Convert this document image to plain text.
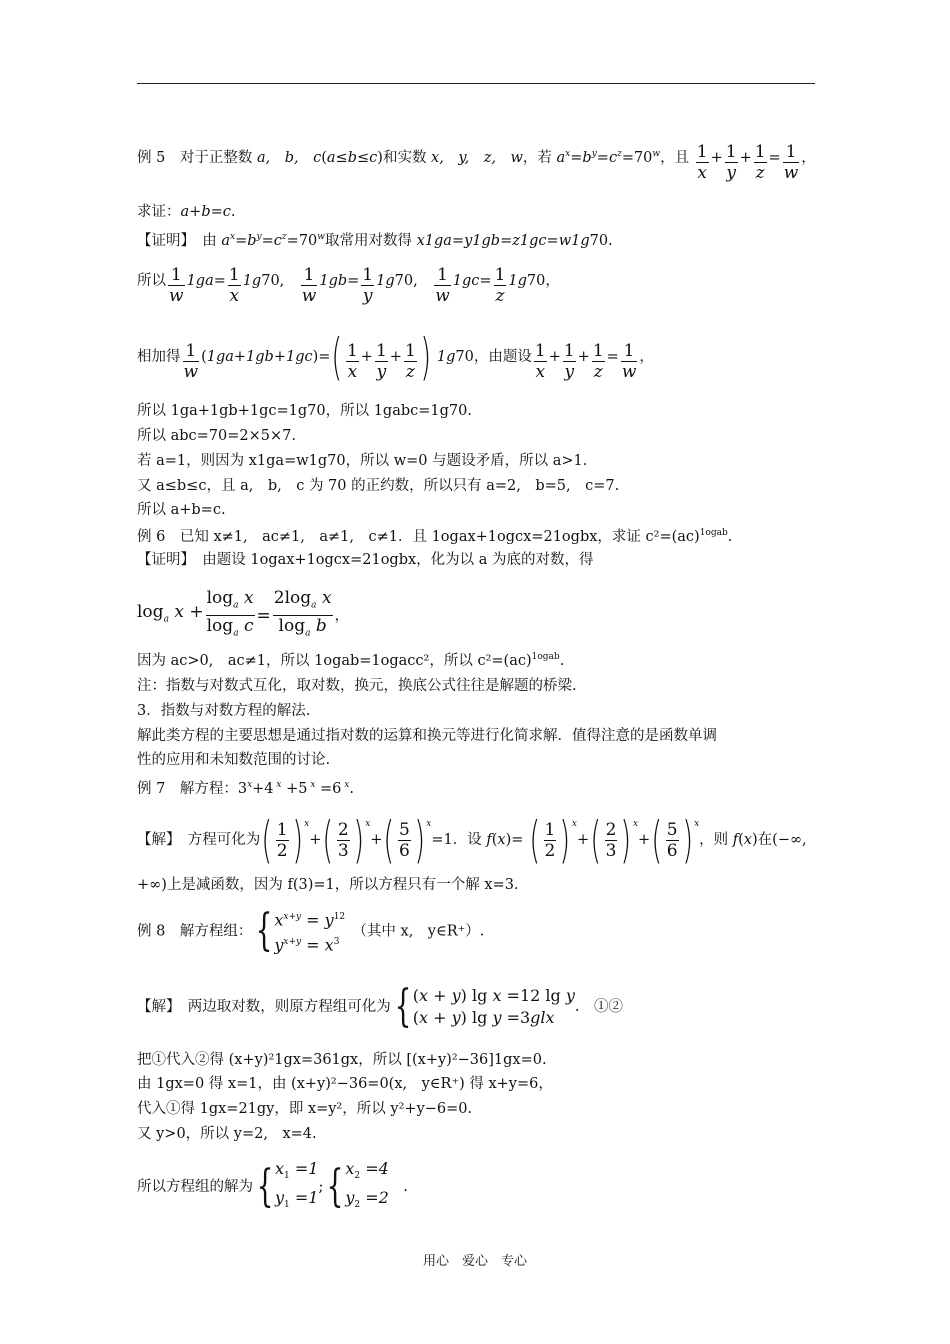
例 5　对于正整数 a,　b,　c(a≤b≤c)和实数 x,　y,　z,　w，若 $a^x=b^y=c^z=70^w$，且 $\frac{1}{x} + \frac{1}{y} + \frac{1}{z} = \frac{1}{w}$ ，
求证：a+b=c.
【证明】　由 $a^x=b^y=c^z=70^w$取常用对数得 x1ga=y1gb=z1gc=w1g70.
所以 $\frac{1}{w} 1ga= \frac{1}{x} 1g70$,　 $\frac{1}{w} 1gb= \frac{1}{y} 1g70$,　 $\frac{1}{w} 1gc= \frac{1}{z} 1g70$，
相加得 $\frac{1}{w} (1ga+1gb+1gc)=( \frac{1}{x} + \frac{1}{y} + \frac{1}{z}$ ) 1g70，由题设 $\frac{1}{x} + \frac{1}{y} + \frac{1}{z} = \frac{1}{w}$ ，
所以 1ga+1gb+1gc=1g70，所以 1gabc=1g70.
所以 abc=70=2×5×7.
若 a=1，则因为 x1ga=w1g70，所以 w=0 与题设矛盾，所以 a>1.
又 a≤b≤c，且 a,　b,　c 为 70 的正约数，所以只有 a=2,　b=5,　c=7.
所以 a+b=c.
例 6　已知 x≠1,　ac≠1,　a≠1,　c≠1．且 1ogax+1ogcx=21ogbx，求证 c²=(ac)$^{1ogab}$.
【证明】　由题设 1ogax+1ogcx=21ogbx，化为以 a 为底的对数，得
$\log_a x + \frac{\log_a x}{\log_a c} = \frac{2\log_a x}{\log_a b}$ ，
因为 ac>0,　ac≠1，所以 1ogab=1ogacc²，所以 c²=(ac)$^{1ogab}$.
注：指数与对数式互化，取对数，换元，换底公式往往是解题的桥梁.
3．指数与对数方程的解法.
解此类方程的主要思想是通过指对数的运算和换元等进行化简求解．值得注意的是函数单调
性的应用和未知数范围的讨论.
例 7　解方程：$3^x+4$ $^x$ +5 $^x$ =6 $^x$.
【解】　方程可化为( $\frac{1}{2} )^x+( \frac{2}{3} )^x+( \frac{5}{6} )^x=1$．设 f(x)= ( $\frac{1}{2} )^x+( \frac{2}{3} )^x+( \frac{5}{6} )^x$，则 f(x)在(−∞,
+∞)上是减函数，因为 f(3)=1，所以方程只有一个解 x=3.
例 8　解方程组：{ $x^{x+y} = y^{12}$
$y^{x+y} = x^3$
　（其中 x,　y∈R⁺）.
【解】　两边取对数，则原方程组可化为{ (x + y) lg x =12 lg y
(x + y) lg y =3glx
.　①②
把①代入②得 (x+y)²1gx=361gx，所以 [(x+y)²−36]1gx=0.
由 1gx=0 得 x=1，由 (x+y)²−36=0(x,　y∈R⁺) 得 x+y=6，
代入①得 1gx=21gy，即 x=y²，所以 y²+y−6=0.
又 y>0，所以 y=2,　x=4.
所以方程组的解为{ $x_1 =1$
$y_1 =1$
;{ $x_2 =4$
$y_2 =2$
　.
用心　爱心　专心
